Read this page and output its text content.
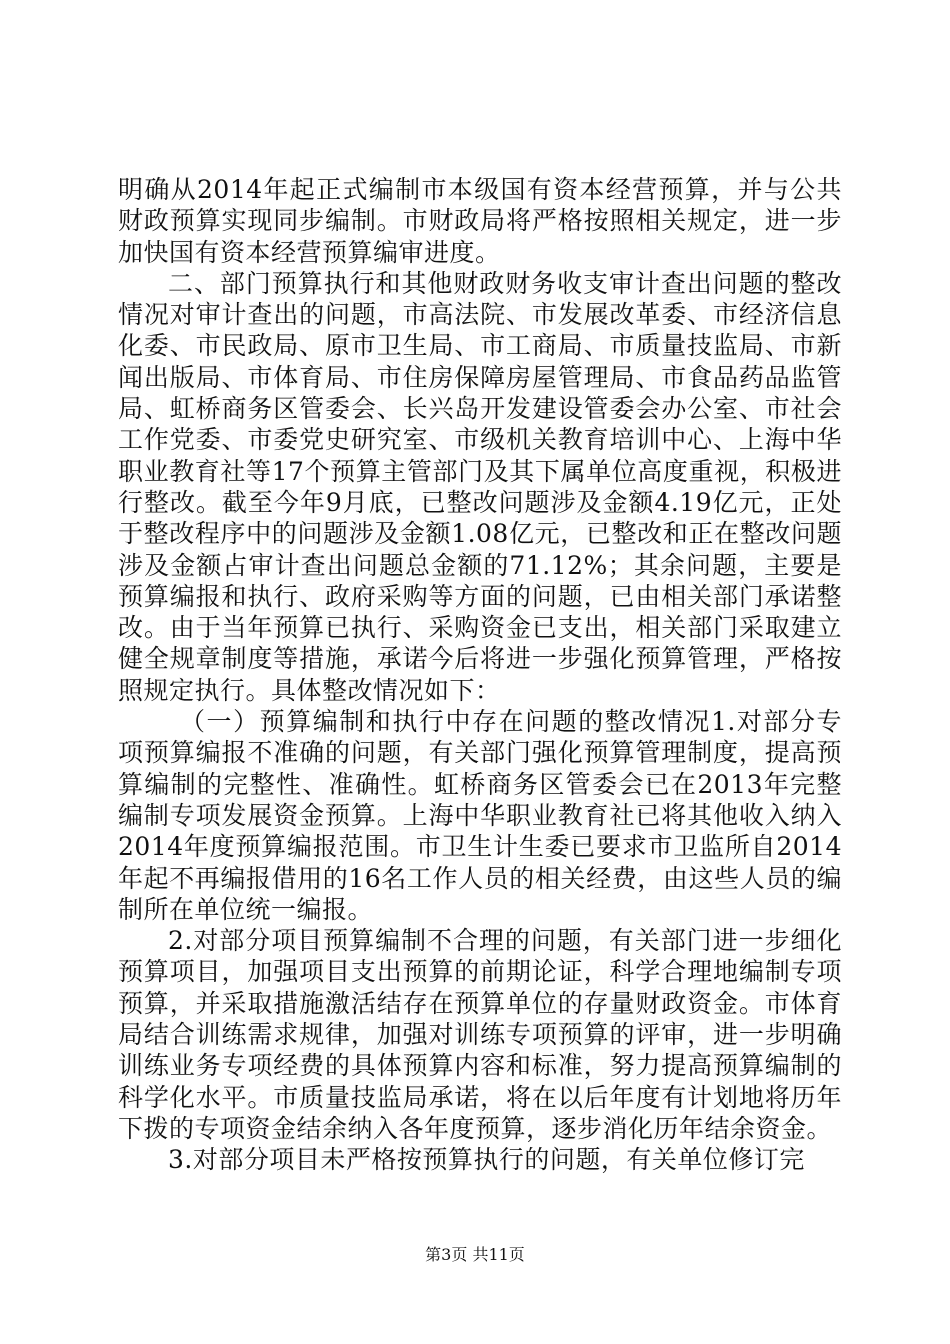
明确从2014年起正式编制市本级国有资本经营预算，并与公共财政预算实现同步编制。市财政局将严格按照相关规定，进一步加快国有资本经营预算编审进度。

二、部门预算执行和其他财政财务收支审计查出问题的整改情况对审计查出的问题，市高法院、市发展改革委、市经济信息化委、市民政局、原市卫生局、市工商局、市质量技监局、市新闻出版局、市体育局、市住房保障房屋管理局、市食品药品监管局、虹桥商务区管委会、长兴岛开发建设管委会办公室、市社会工作党委、市委党史研究室、市级机关教育培训中心、上海中华职业教育社等17个预算主管部门及其下属单位高度重视，积极进行整改。截至今年9月底，已整改问题涉及金额4.19亿元，正处于整改程序中的问题涉及金额1.08亿元，已整改和正在整改问题涉及金额占审计查出问题总金额的71.12%；其余问题，主要是预算编报和执行、政府采购等方面的问题，已由相关部门承诺整改。由于当年预算已执行、采购资金已支出，相关部门采取建立健全规章制度等措施，承诺今后将进一步强化预算管理，严格按照规定执行。具体整改情况如下：

（一）预算编制和执行中存在问题的整改情况1.对部分专项预算编报不准确的问题，有关部门强化预算管理制度，提高预算编制的完整性、准确性。虹桥商务区管委会已在2013年完整编制专项发展资金预算。上海中华职业教育社已将其他收入纳入2014年度预算编报范围。市卫生计生委已要求市卫监所自2014年起不再编报借用的16名工作人员的相关经费，由这些人员的编制所在单位统一编报。

2.对部分项目预算编制不合理的问题，有关部门进一步细化预算项目，加强项目支出预算的前期论证，科学合理地编制专项预算，并采取措施激活结存在预算单位的存量财政资金。市体育局结合训练需求规律，加强对训练专项预算的评审，进一步明确训练业务专项经费的具体预算内容和标准，努力提高预算编制的科学化水平。市质量技监局承诺，将在以后年度有计划地将历年下拨的专项资金结余纳入各年度预算，逐步消化历年结余资金。

3.对部分项目未严格按预算执行的问题，有关单位修订完

第3页 共11页
